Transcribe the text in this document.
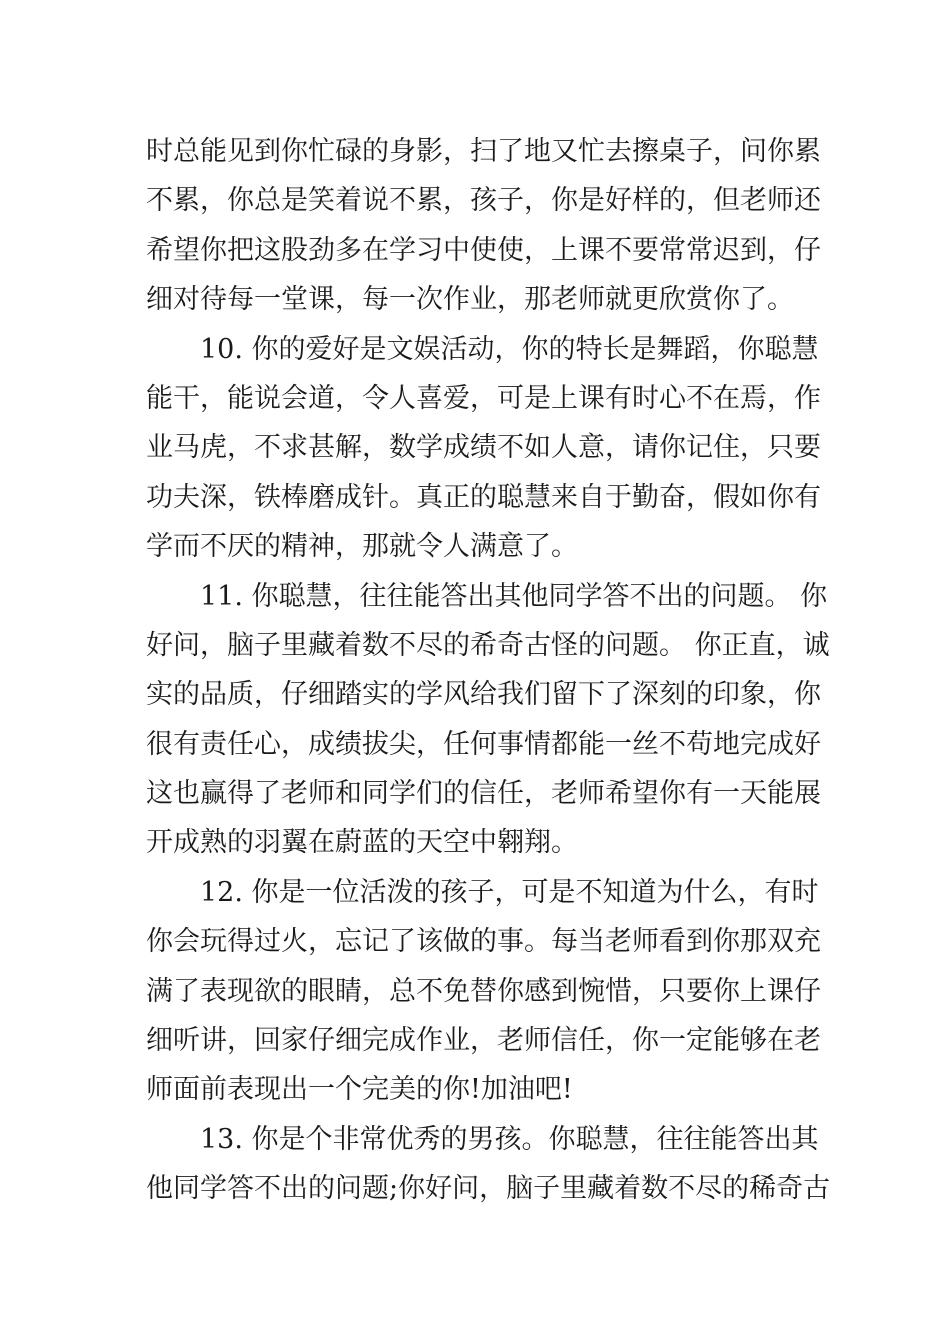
时总能见到你忙碌的身影，扫了地又忙去擦桌子，问你累
不累，你总是笑着说不累，孩子，你是好样的，但老师还
希望你把这股劲多在学习中使使，上课不要常常迟到，仔
细对待每一堂课，每一次作业，那老师就更欣赏你了。
10. 你的爱好是文娱活动，你的特长是舞蹈，你聪慧
能干，能说会道，令人喜爱，可是上课有时心不在焉，作
业马虎，不求甚解，数学成绩不如人意，请你记住，只要
功夫深，铁棒磨成针。真正的聪慧来自于勤奋，假如你有
学而不厌的精神，那就令人满意了。
11. 你聪慧，往往能答出其他同学答不出的问题。 你
好问，脑子里藏着数不尽的希奇古怪的问题。 你正直，诚
实的品质，仔细踏实的学风给我们留下了深刻的印象，你
很有责任心，成绩拔尖，任何事情都能一丝不苟地完成好
这也赢得了老师和同学们的信任，老师希望你有一天能展
开成熟的羽翼在蔚蓝的天空中翱翔。
12. 你是一位活泼的孩子，可是不知道为什么，有时
你会玩得过火，忘记了该做的事。每当老师看到你那双充
满了表现欲的眼睛，总不免替你感到惋惜，只要你上课仔
细听讲，回家仔细完成作业，老师信任，你一定能够在老
师面前表现出一个完美的你!加油吧!
13. 你是个非常优秀的男孩。你聪慧，往往能答出其
他同学答不出的问题;你好问，脑子里藏着数不尽的稀奇古
